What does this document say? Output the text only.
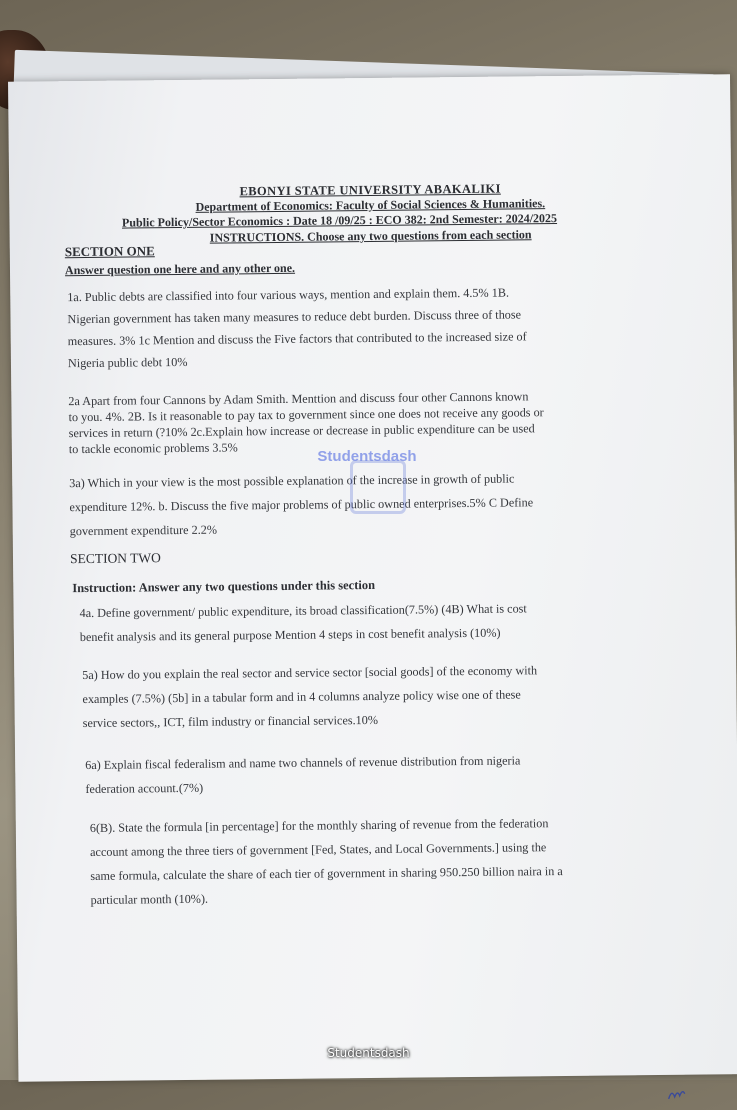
EBONYI STATE UNIVERSITY ABAKALIKI
Department of Economics: Faculty of Social Sciences & Humanities.
Public Policy/Sector Economics : Date 18 /09/25 : ECO 382: 2nd Semester: 2024/2025
INSTRUCTIONS. Choose any two questions from each section
SECTION ONE
Answer question one here and any other one.
1a. Public debts are classified into four various ways, mention and explain them. 4.5% 1B.
Nigerian government has taken many measures to reduce debt burden. Discuss three of those
measures. 3% 1c Mention and discuss the Five factors that contributed to the increased size of
Nigeria public debt 10%
2a Apart from four Cannons by Adam Smith. Menttion and discuss four other Cannons known
to you. 4%. 2B. Is it reasonable to pay tax to government since one does not receive any goods or
services in return (?10% 2c.Explain how increase or decrease in public expenditure can be used
to tackle economic problems 3.5%
3a) Which in your view is the most possible explanation of the increase in growth of public
expenditure 12%. b. Discuss the five major problems of public owned enterprises.5% C Define
government expenditure 2.2%
SECTION TWO
Instruction: Answer any two questions under this section
4a. Define government/ public expenditure, its broad classification(7.5%) (4B) What is cost
benefit analysis and its general purpose Mention 4 steps in cost benefit analysis (10%)
5a) How do you explain the real sector and service sector [social goods] of the economy with
examples (7.5%) (5b] in a tabular form and in 4 columns analyze policy wise one of these
service sectors,, ICT, film industry or financial services.10%
6a) Explain fiscal federalism and name two channels of revenue distribution from nigeria
federation account.(7%)
6(B). State the formula [in percentage] for the monthly sharing of revenue from the federation
account among the three tiers of government [Fed, States, and Local Governments.] using the
same formula, calculate the share of each tier of government in sharing 950.250 billion naira in a
particular month (10%).
Studentsdash
Studentsdash
